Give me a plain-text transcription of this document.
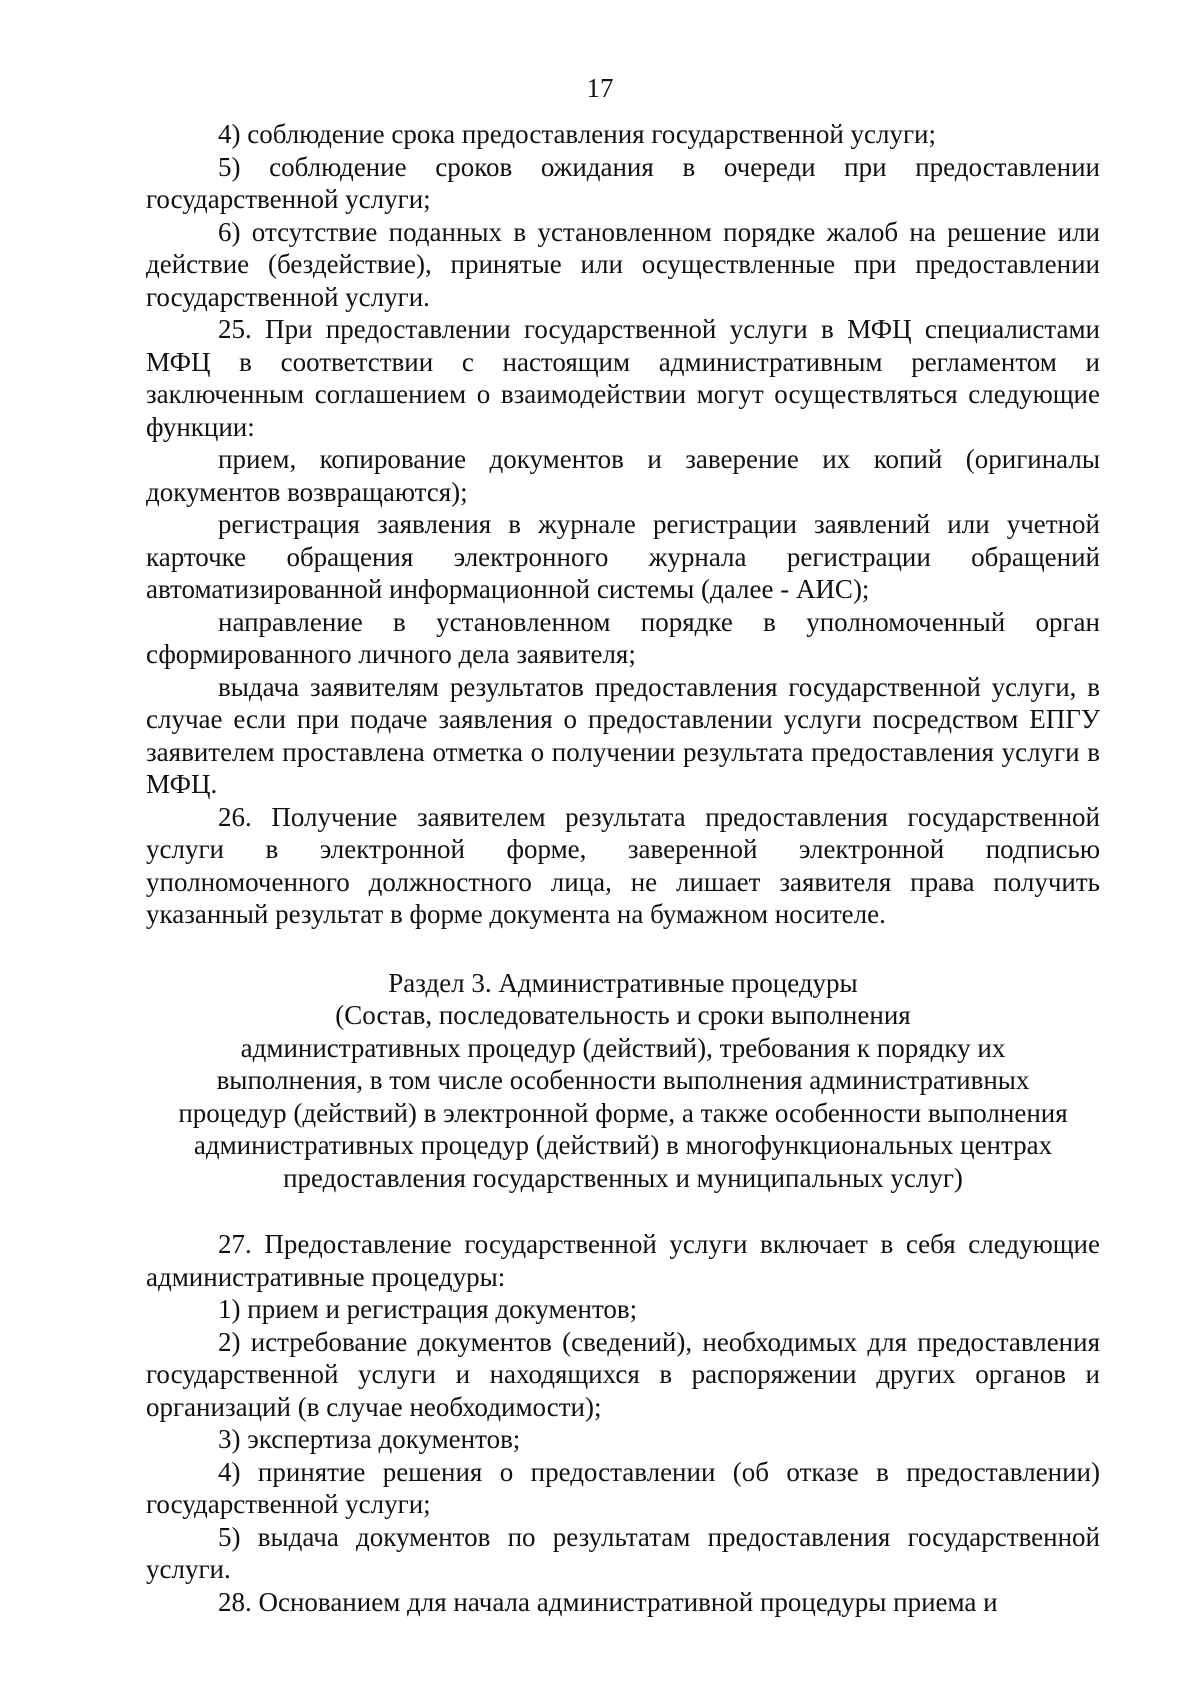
17

4) соблюдение срока предоставления государственной услуги;

5) соблюдение сроков ожидания в очереди при предоставлении государственной услуги;

6) отсутствие поданных в установленном порядке жалоб на решение или действие (бездействие), принятые или осуществленные при предоставлении государственной услуги.

25. При предоставлении государственной услуги в МФЦ специалистами МФЦ в соответствии с настоящим административным регламентом и заключенным соглашением о взаимодействии могут осуществляться следующие функции:

прием, копирование документов и заверение их копий (оригиналы документов возвращаются);

регистрация заявления в журнале регистрации заявлений или учетной карточке обращения электронного журнала регистрации обращений автоматизированной информационной системы (далее - АИС);

направление в установленном порядке в уполномоченный орган сформированного личного дела заявителя;

выдача заявителям результатов предоставления государственной услуги, в случае если при подаче заявления о предоставлении услуги посредством ЕПГУ заявителем проставлена отметка о получении результата предоставления услуги в МФЦ.

26. Получение заявителем результата предоставления государственной услуги в электронной форме, заверенной электронной подписью уполномоченного должностного лица, не лишает заявителя права получить указанный результат в форме документа на бумажном носителе.

Раздел 3. Административные процедуры
(Состав, последовательность и сроки выполнения
административных процедур (действий), требования к порядку их
выполнения, в том числе особенности выполнения административных
процедур (действий) в электронной форме, а также особенности выполнения
административных процедур (действий) в многофункциональных центрах
предоставления государственных и муниципальных услуг)

27. Предоставление государственной услуги включает в себя следующие административные процедуры:

1) прием и регистрация документов;

2) истребование документов (сведений), необходимых для предоставления государственной услуги и находящихся в распоряжении других органов и организаций (в случае необходимости);

3) экспертиза документов;

4) принятие решения о предоставлении (об отказе в предоставлении) государственной услуги;

5) выдача документов по результатам предоставления государственной услуги.

28. Основанием для начала административной процедуры приема и
